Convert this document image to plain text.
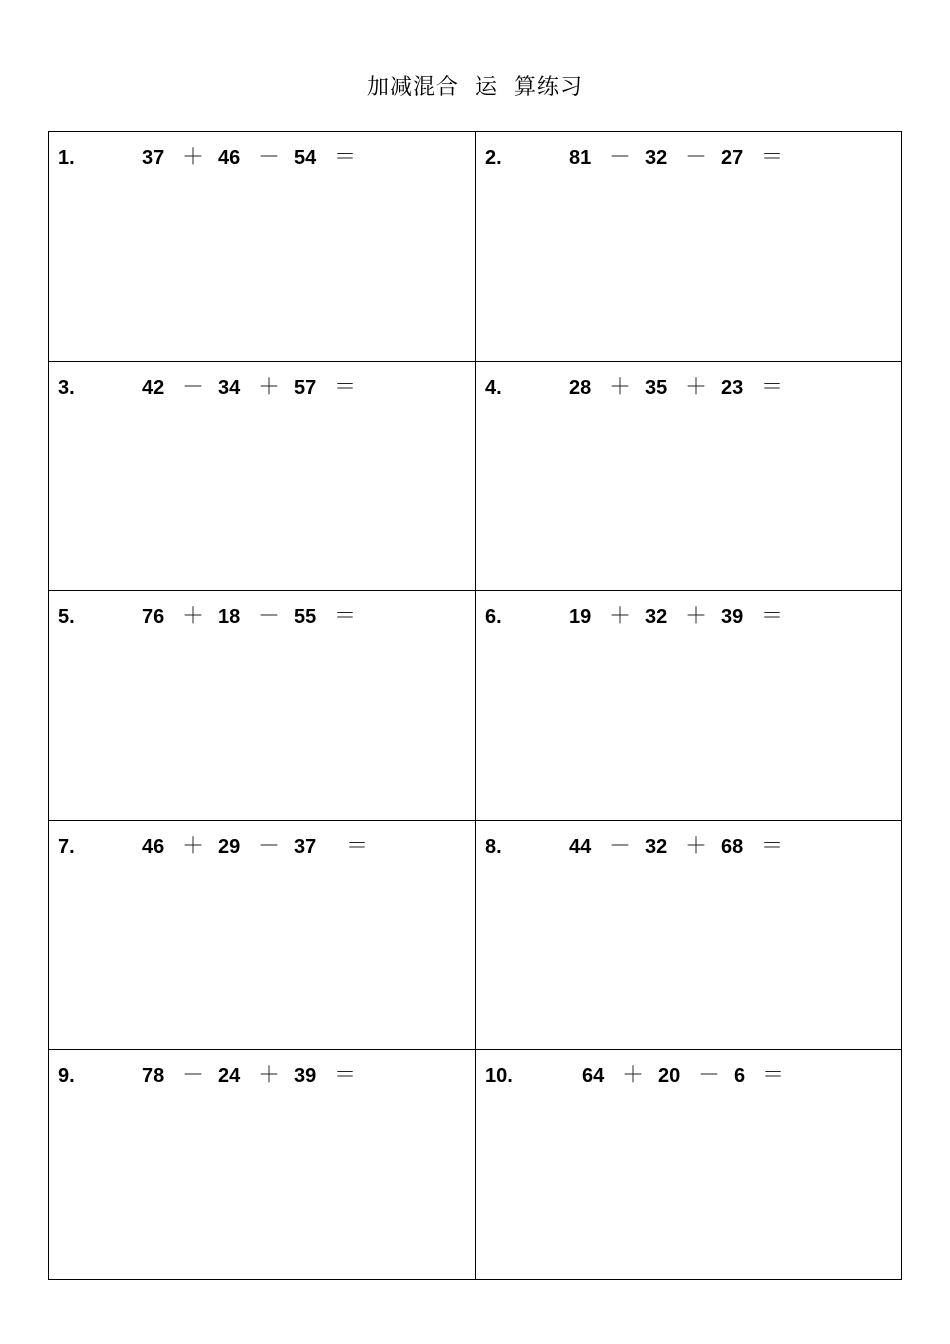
加减混合  运  算练习
1.	37 ＋ 46 － 54 ＝	2.	81 － 32 － 27 ＝
3.	42 － 34 ＋ 57 ＝	4.	28 ＋ 35 ＋ 23 ＝
5.	76 ＋ 18 － 55 ＝	6.	19 ＋ 32 ＋ 39 ＝
7.	46 ＋ 29 － 37	＝	8.	44 － 32 ＋ 68 ＝
9.	78 － 24 ＋ 39 ＝	10.	64 ＋ 20 － 6 ＝
